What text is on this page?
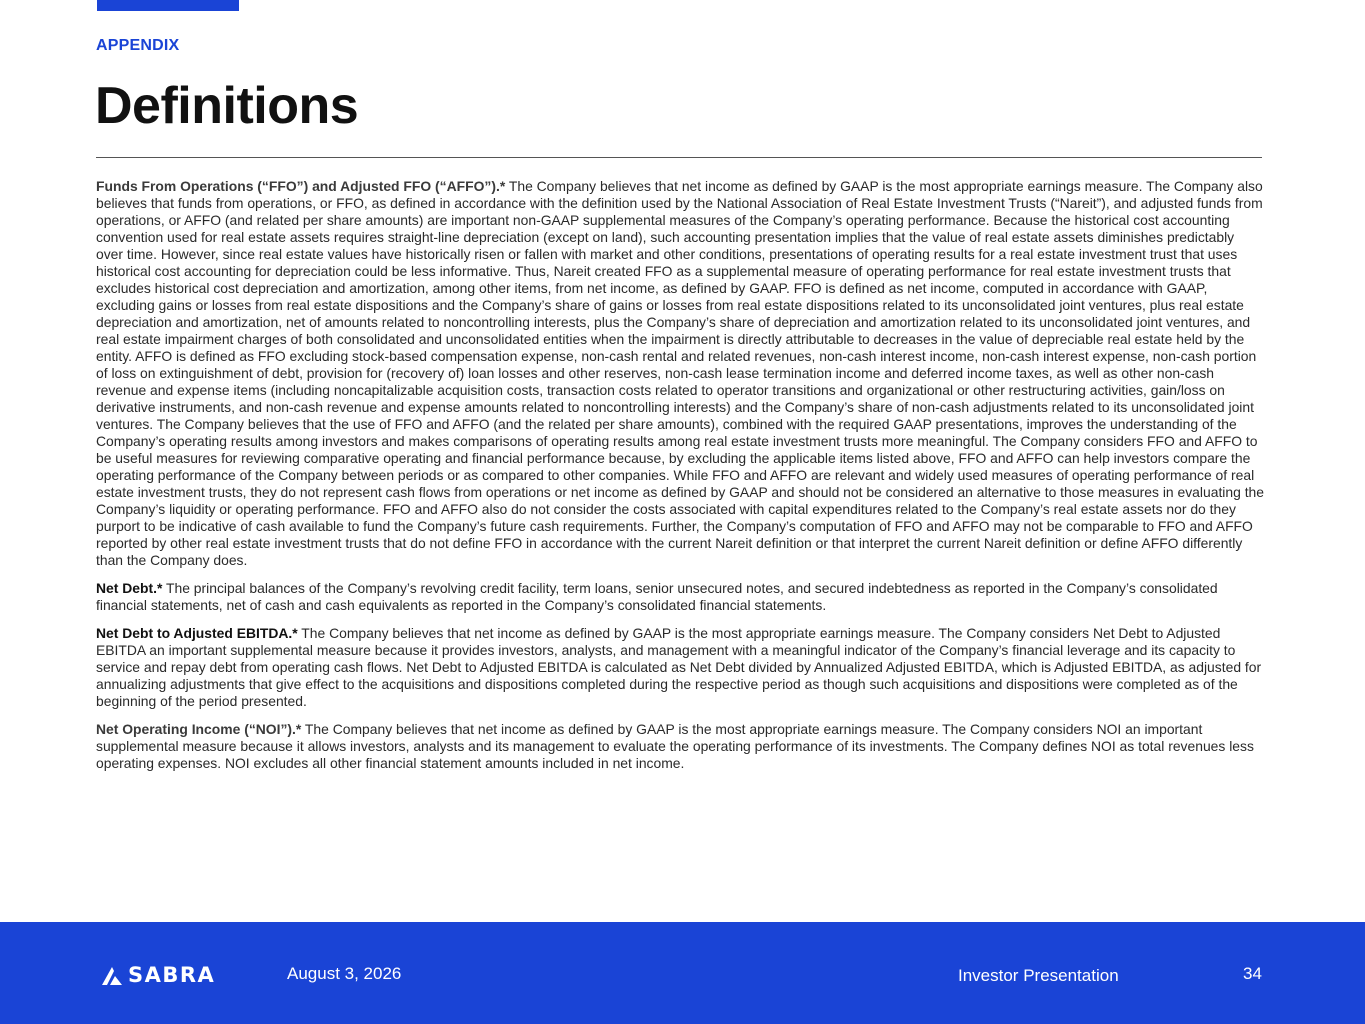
APPENDIX
Definitions

Funds From Operations (“FFO”) and Adjusted FFO (“AFFO”).* The Company believes that net income as defined by GAAP is the most appropriate earnings measure. The Company also believes that funds from operations, or FFO, as defined in accordance with the definition used by the National Association of Real Estate Investment Trusts (“Nareit”), and adjusted funds from operations, or AFFO (and related per share amounts) are important non-GAAP supplemental measures of the Company’s operating performance. Because the historical cost accounting convention used for real estate assets requires straight-line depreciation (except on land), such accounting presentation implies that the value of real estate assets diminishes predictably over time. However, since real estate values have historically risen or fallen with market and other conditions, presentations of operating results for a real estate investment trust that uses historical cost accounting for depreciation could be less informative. Thus, Nareit created FFO as a supplemental measure of operating performance for real estate investment trusts that excludes historical cost depreciation and amortization, among other items, from net income, as defined by GAAP. FFO is defined as net income, computed in accordance with GAAP, excluding gains or losses from real estate dispositions and the Company’s share of gains or losses from real estate dispositions related to its unconsolidated joint ventures, plus real estate depreciation and amortization, net of amounts related to noncontrolling interests, plus the Company’s share of depreciation and amortization related to its unconsolidated joint ventures, and real estate impairment charges of both consolidated and unconsolidated entities when the impairment is directly attributable to decreases in the value of depreciable real estate held by the entity. AFFO is defined as FFO excluding stock-based compensation expense, non-cash rental and related revenues, non-cash interest income, non-cash interest expense, non-cash portion of loss on extinguishment of debt, provision for (recovery of) loan losses and other reserves, non-cash lease termination income and deferred income taxes, as well as other non-cash revenue and expense items (including noncapitalizable acquisition costs, transaction costs related to operator transitions and organizational or other restructuring activities, gain/loss on derivative instruments, and non-cash revenue and expense amounts related to noncontrolling interests) and the Company’s share of non-cash adjustments related to its unconsolidated joint ventures. The Company believes that the use of FFO and AFFO (and the related per share amounts), combined with the required GAAP presentations, improves the understanding of the Company’s operating results among investors and makes comparisons of operating results among real estate investment trusts more meaningful. The Company considers FFO and AFFO to be useful measures for reviewing comparative operating and financial performance because, by excluding the applicable items listed above, FFO and AFFO can help investors compare the operating performance of the Company between periods or as compared to other companies. While FFO and AFFO are relevant and widely used measures of operating performance of real estate investment trusts, they do not represent cash flows from operations or net income as defined by GAAP and should not be considered an alternative to those measures in evaluating the Company’s liquidity or operating performance. FFO and AFFO also do not consider the costs associated with capital expenditures related to the Company’s real estate assets nor do they purport to be indicative of cash available to fund the Company’s future cash requirements. Further, the Company’s computation of FFO and AFFO may not be comparable to FFO and AFFO reported by other real estate investment trusts that do not define FFO in accordance with the current Nareit definition or that interpret the current Nareit definition or define AFFO differently than the Company does.

Net Debt.* The principal balances of the Company’s revolving credit facility, term loans, senior unsecured notes, and secured indebtedness as reported in the Company’s consolidated financial statements, net of cash and cash equivalents as reported in the Company’s consolidated financial statements.

Net Debt to Adjusted EBITDA.* The Company believes that net income as defined by GAAP is the most appropriate earnings measure. The Company considers Net Debt to Adjusted EBITDA an important supplemental measure because it provides investors, analysts, and management with a meaningful indicator of the Company’s financial leverage and its capacity to service and repay debt from operating cash flows. Net Debt to Adjusted EBITDA is calculated as Net Debt divided by Annualized Adjusted EBITDA, which is Adjusted EBITDA, as adjusted for annualizing adjustments that give effect to the acquisitions and dispositions completed during the respective period as though such acquisitions and dispositions were completed as of the beginning of the period presented.

Net Operating Income (“NOI”).* The Company believes that net income as defined by GAAP is the most appropriate earnings measure. The Company considers NOI an important supplemental measure because it allows investors, analysts and its management to evaluate the operating performance of its investments. The Company defines NOI as total revenues less operating expenses. NOI excludes all other financial statement amounts included in net income.

SABRA	August 3, 2026	Investor Presentation	34
